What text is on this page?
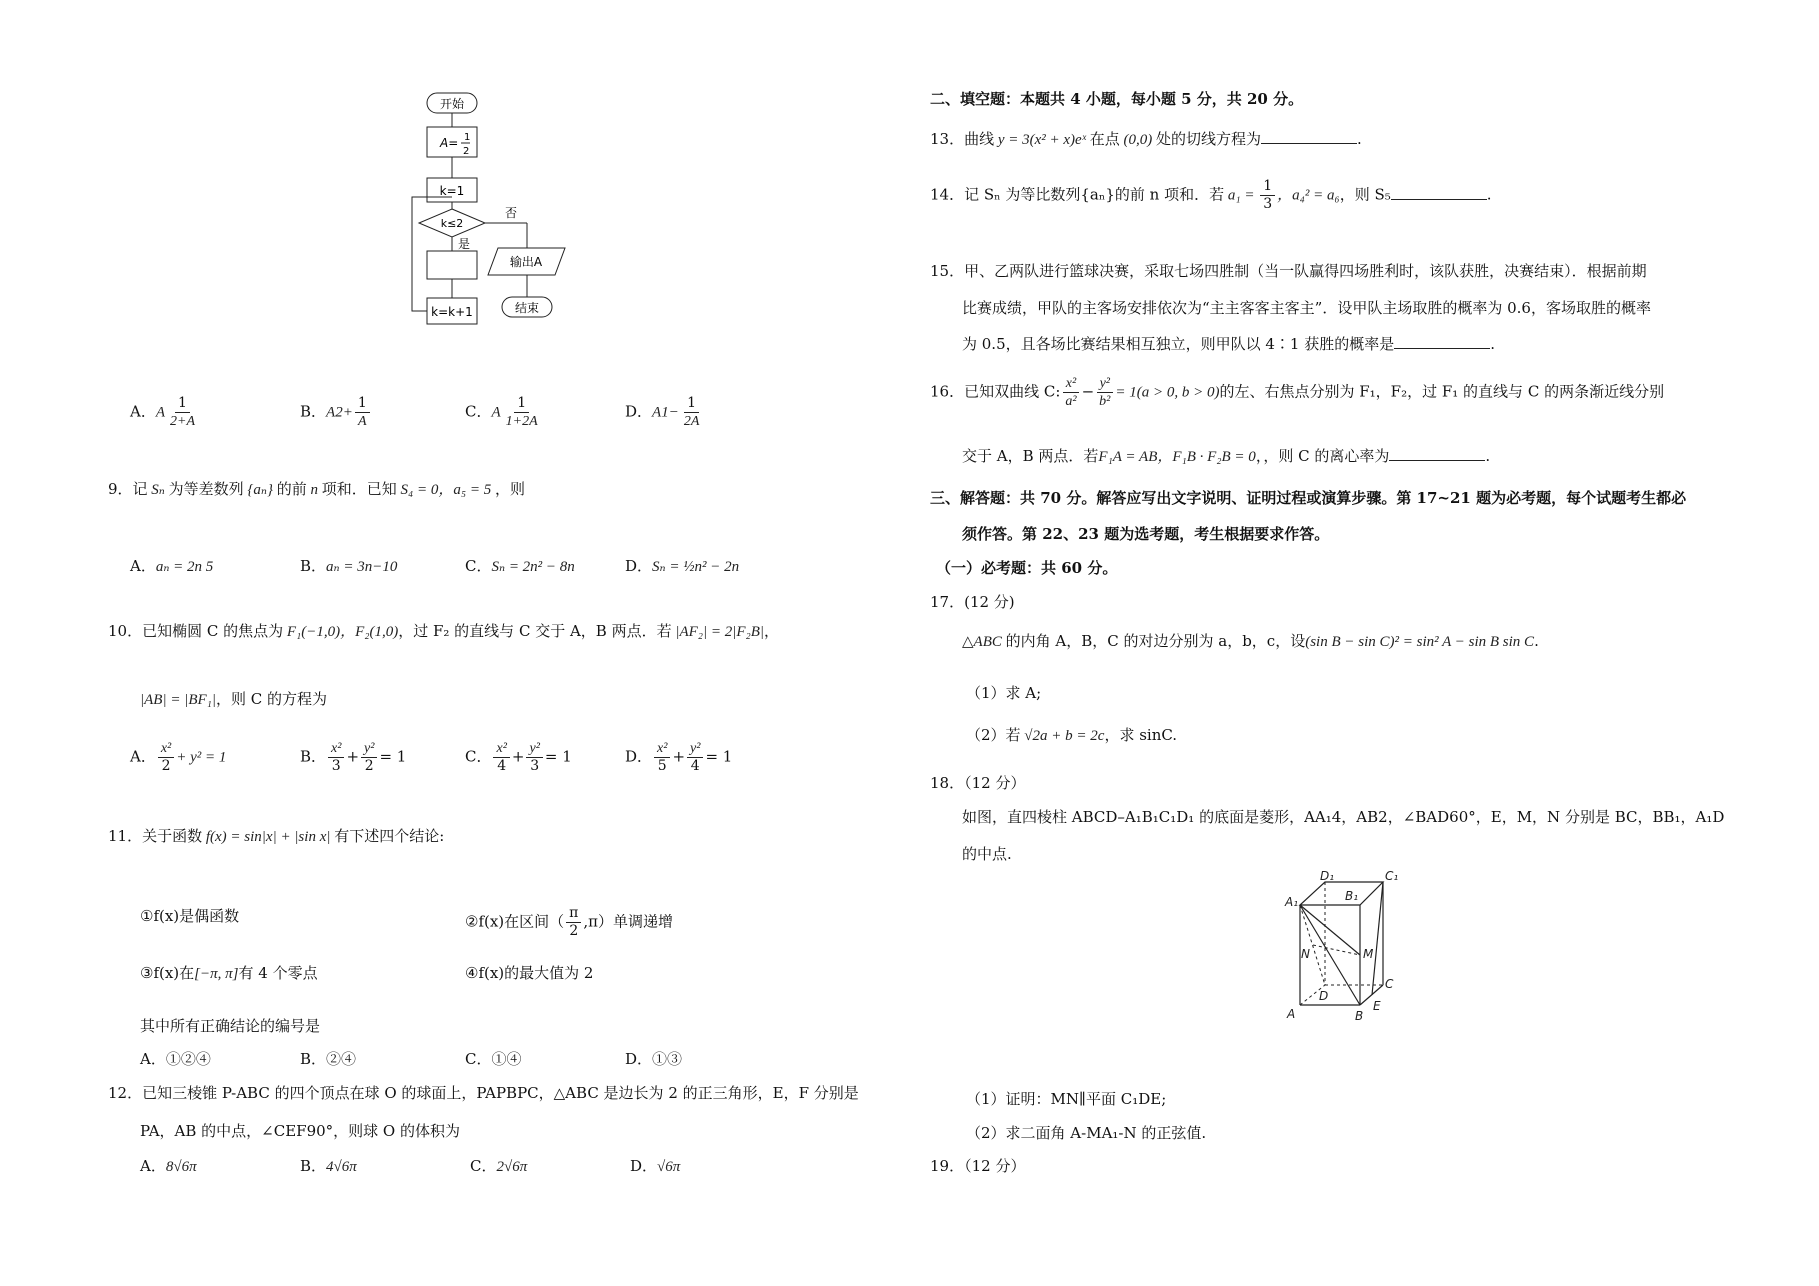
开始
A= 1
2
k=1
k≤2
否
是
输出A
结束
k=k+1
A．A $\frac{1}{2+A}$	B．$A2+ \frac{1}{A}$	C．A $\frac{1}{1+2A}$	D．$A1- \frac{1}{2A}$
9．记 Sₙ 为等差数列 {aₙ} 的前 n 项和．已知 S₄ = 0，a₅ = 5 ，则
A．aₙ = 2n 5	B．aₙ = 3n−10	C．Sₙ = 2n² − 8n	D．Sₙ = ½n² − 2n
10．已知椭圆 C 的焦点为 F₁(−1,0)，F₂(1,0)，过 F₂ 的直线与 C 交于 A，B 两点．若 |AF₂| = 2|F₂B|，
|AB| = |BF₁|，则 C 的方程为
A． $\frac{\text{x²}}{2} + y^2 = 1$	B． $\frac{\text{x²}}{3} + \frac{\text{y²}}{2} = 1$	C． $\frac{\text{x²}}{4} + \frac{\text{y²}}{3} = 1$	D． $\frac{\text{x²}}{5} + \frac{\text{y²}}{4} = 1$
11．关于函数 f(x) = sin|x| + |sin x| 有下述四个结论:
①f(x)是偶函数	②f(x)在区间（ $\frac{\pi}{2} ,\pi$）单调递增
③f(x)在[−π, π]有 4 个零点	④f(x)的最大值为 2
其中所有正确结论的编号是
A．①②④	B．②④	C．①④	D．①③
12．已知三棱锥 P-ABC 的四个顶点在球 O 的球面上，PAPBPC，△ABC 是边长为 2 的正三角形，E，F 分别是
PA，AB 的中点，∠CEF90°，则球 O 的体积为
A．8√6π	B．4√6π	C．2√6π	D．√6π
二、填空题：本题共 4 小题，每小题 5 分，共 20 分。
13．曲线 y = 3(x² + x)eˣ 在点 (0,0) 处的切线方程为	.
14．记 Sₙ 为等比数列{aₙ}的前 n 项和．若 $a_1 = \frac{1}{3}$ ，a₄² = a₆，则 S₅	.
15．甲、乙两队进行篮球决赛，采取七场四胜制（当一队赢得四场胜利时，该队获胜，决赛结束）．根据前期
比赛成绩，甲队的主客场安排依次为“主主客客主客主”．设甲队主场取胜的概率为 0.6，客场取胜的概率
为 0.5，且各场比赛结果相互独立，则甲队以 4∶1 获胜的概率是	.
16．已知双曲线 C: $\frac{\text{x²}}{\text{a²}} - \frac{\text{y²}}{\text{b²}} = 1(a > 0$, b > 0)的左、右焦点分别为 F₁，F₂，过 F₁ 的直线与 C 的两条渐近线分别
交于 A，B 两点．若F₁A = AB，F₁B · F₂B = 0，，则 C 的离心率为	.
三、解答题：共 70 分。解答应写出文字说明、证明过程或演算步骤。第 17~21 题为必考题，每个试题考生都必
须作答。第 22、23 题为选考题，考生根据要求作答。
（一）必考题：共 60 分。
17．(12 分)
△ABC 的内角 A，B，C 的对边分别为 a，b，c，设(sin B − sin C)² = sin² A − sin B sin C.
（1）求 A;
（2）若 √2a + b = 2c，求 sinC.
18．（12 分）
如图，直四棱柱 ABCD–A₁B₁C₁D₁ 的底面是菱形，AA₁4，AB2，∠BAD60°，E，M，N 分别是 BC，BB₁，A₁D
的中点.
A₁
D₁	C₁
B₁
N	M
C
D
A	B
E
（1）证明：MN∥平面 C₁DE;
（2）求二面角 A-MA₁-N 的正弦值.
19．（12 分）
